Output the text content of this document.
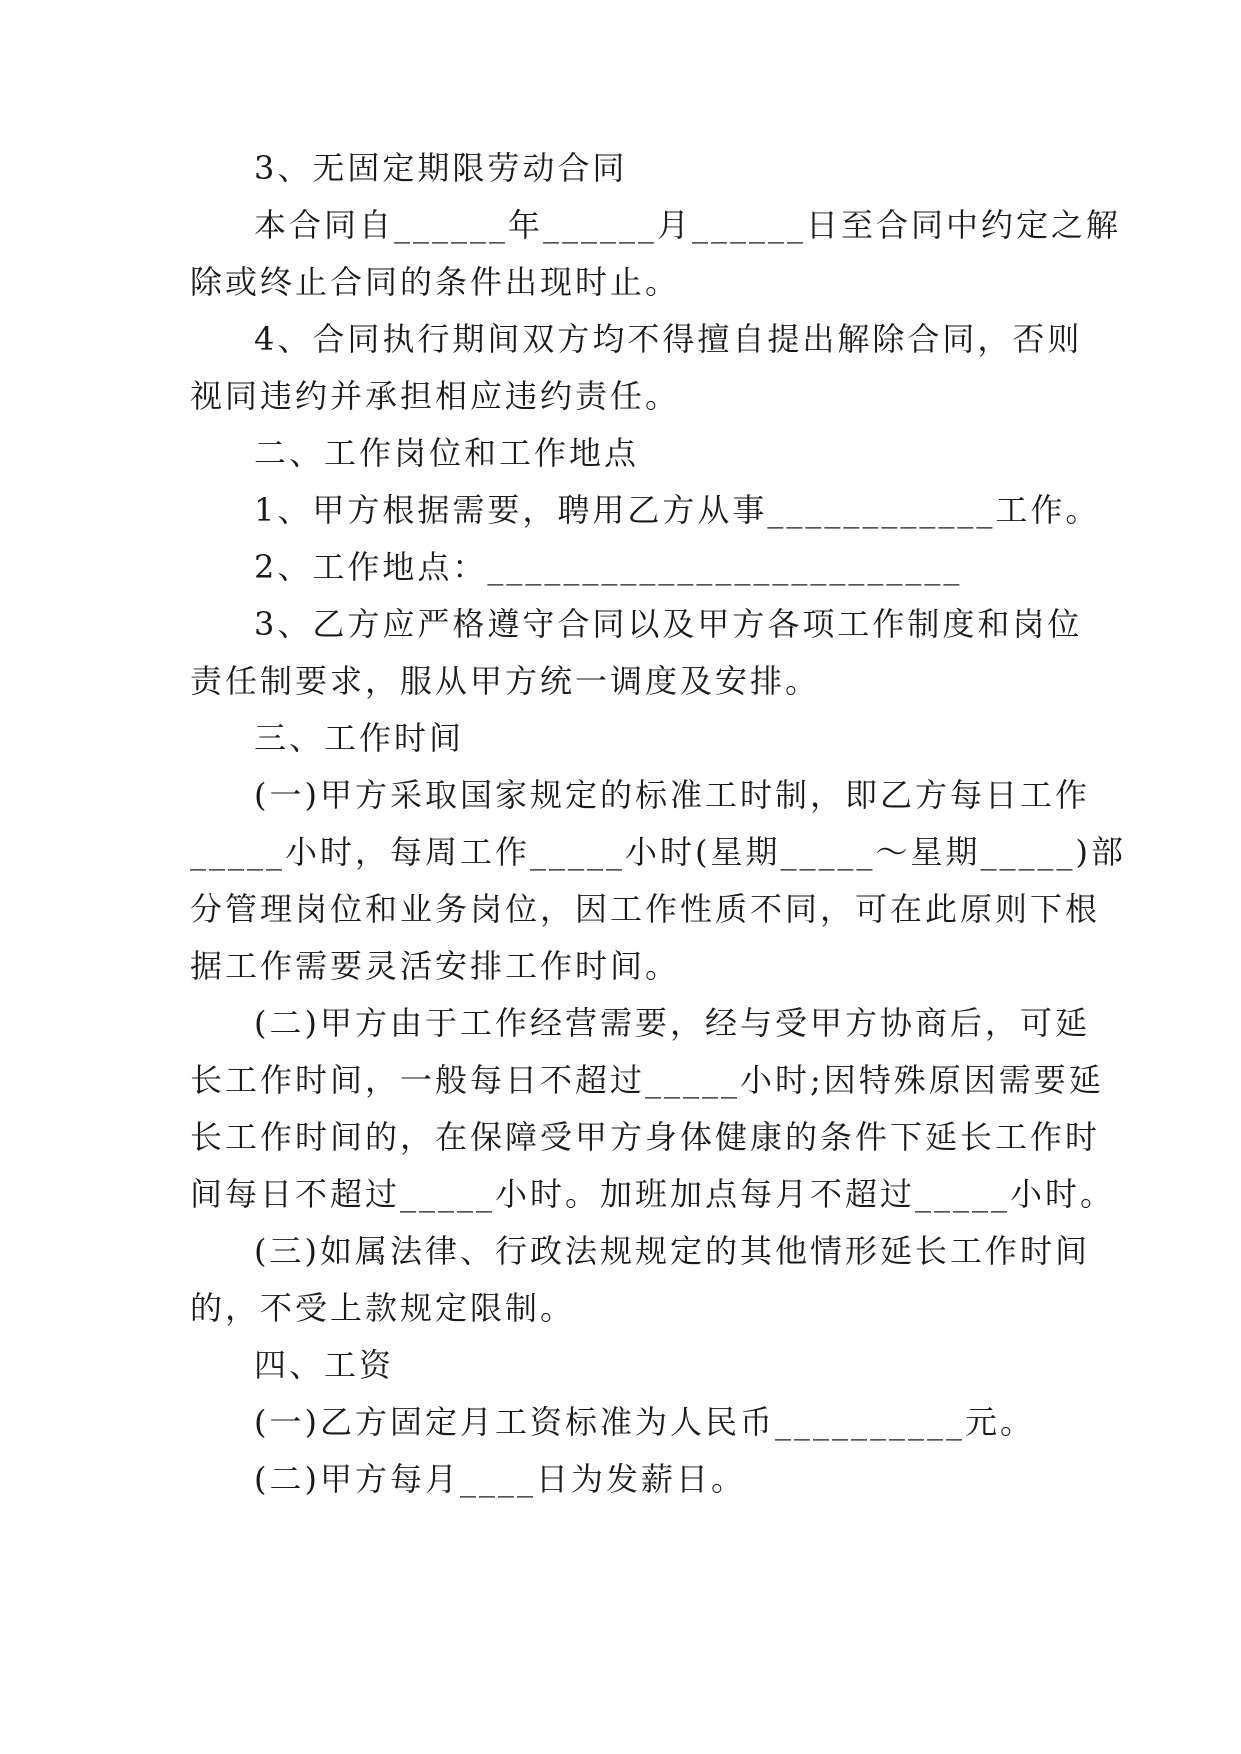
3、无固定期限劳动合同
本合同自______年______月______日至合同中约定之解
除或终止合同的条件出现时止。
4、合同执行期间双方均不得擅自提出解除合同，否则
视同违约并承担相应违约责任。
二、工作岗位和工作地点
1、甲方根据需要，聘用乙方从事____________工作。
2、工作地点：_________________________
3、乙方应严格遵守合同以及甲方各项工作制度和岗位
责任制要求，服从甲方统一调度及安排。
三、工作时间
(一)甲方采取国家规定的标准工时制，即乙方每日工作
_____小时，每周工作_____小时(星期_____～星期_____)部
分管理岗位和业务岗位，因工作性质不同，可在此原则下根
据工作需要灵活安排工作时间。
(二)甲方由于工作经营需要，经与受甲方协商后，可延
长工作时间，一般每日不超过_____小时;因特殊原因需要延
长工作时间的，在保障受甲方身体健康的条件下延长工作时
间每日不超过_____小时。加班加点每月不超过_____小时。
(三)如属法律、行政法规规定的其他情形延长工作时间
的，不受上款规定限制。
四、工资
(一)乙方固定月工资标准为人民币__________元。
(二)甲方每月____日为发薪日。
